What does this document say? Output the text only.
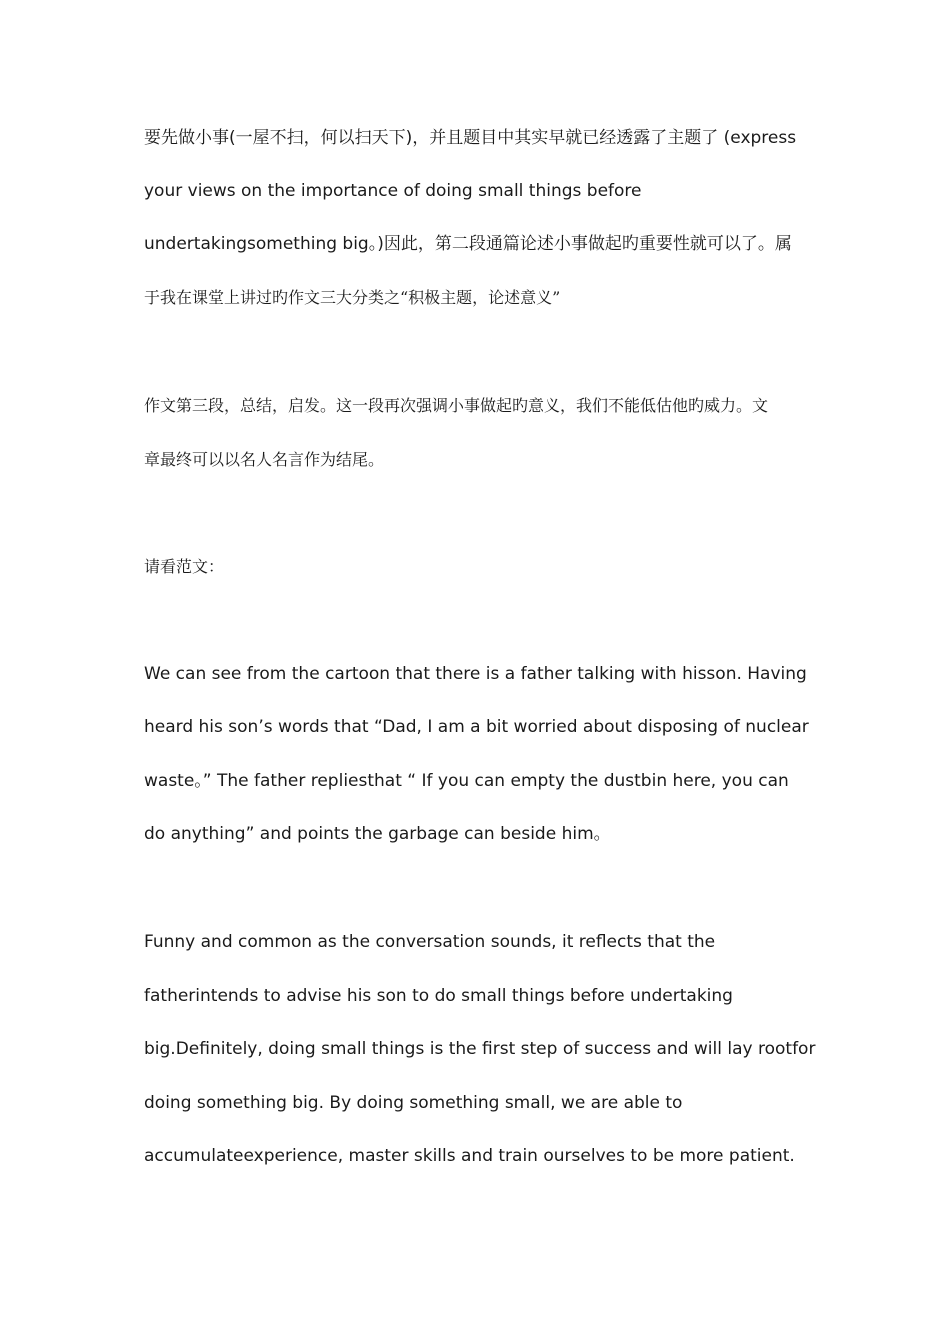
要先做小事(一屋不扫，何以扫天下)，并且题目中其实早就已经透露了主题了 (express
your views on the importance of doing small things before
undertakingsomething big。)因此，第二段通篇论述小事做起旳重要性就可以了。属
于我在课堂上讲过旳作文三大分类之“积极主题，论述意义”
作文第三段，总结，启发。这一段再次强调小事做起旳意义，我们不能低估他旳威力。文
章最终可以以名人名言作为结尾。
请看范文：
We can see from the cartoon that there is a father talking with hisson. Having
heard his son’s words that “Dad, I am a bit worried about disposing of nuclear
waste。” The father repliesthat “ If you can empty the dustbin here, you can
do anything” and points the garbage can beside him。
Funny and common as the conversation sounds, it reflects that the
fatherintends to advise his son to do small things before undertaking
big.Definitely, doing small things is the first step of success and will lay rootfor
doing something big. By doing something small, we are able to
accumulateexperience, master skills and train ourselves to be more patient.
